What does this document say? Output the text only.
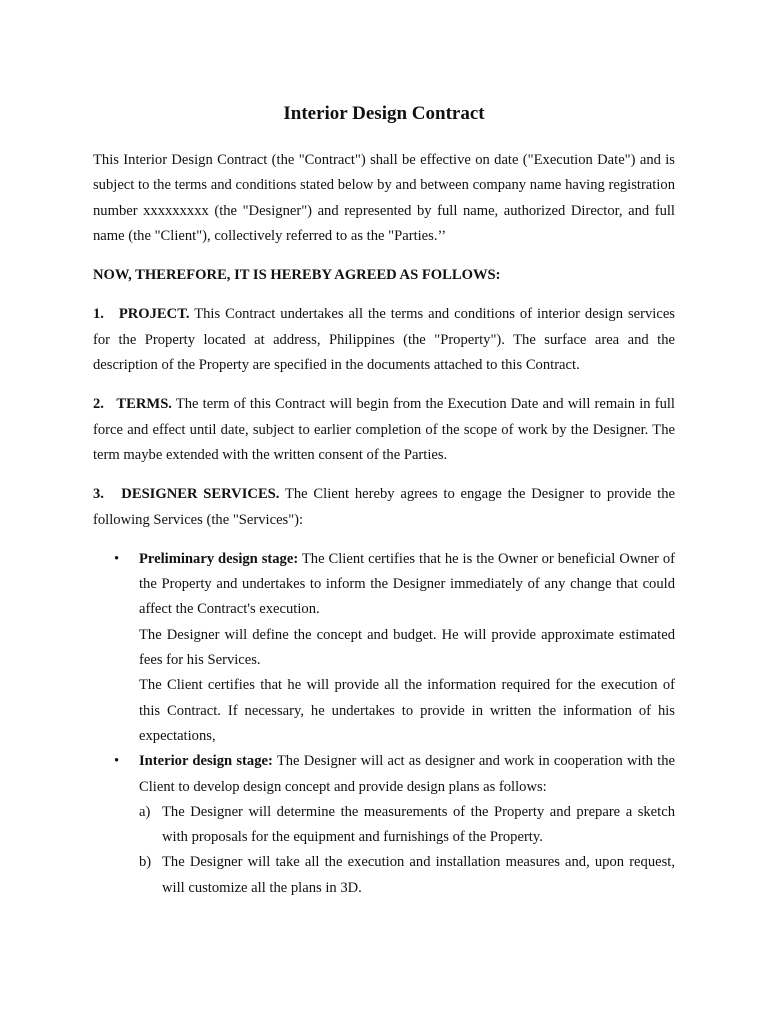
Interior Design Contract

This Interior Design Contract (the "Contract") shall be effective on date ("Execution Date") and is subject to the terms and conditions stated below by and between company name having registration number xxxxxxxxx (the "Designer") and represented by full name, authorized Director, and full name (the "Client"), collectively referred to as the "Parties.’’

NOW, THEREFORE, IT IS HEREBY AGREED AS FOLLOWS:

1. PROJECT. This Contract undertakes all the terms and conditions of interior design services for the Property located at address, Philippines (the "Property"). The surface area and the description of the Property are specified in the documents attached to this Contract.

2. TERMS. The term of this Contract will begin from the Execution Date and will remain in full force and effect until date, subject to earlier completion of the scope of work by the Designer. The term maybe extended with the written consent of the Parties.

3. DESIGNER SERVICES. The Client hereby agrees to engage the Designer to provide the following Services (the "Services"):

• Preliminary design stage: The Client certifies that he is the Owner or beneficial Owner of the Property and undertakes to inform the Designer immediately of any change that could affect the Contract's execution.

The Designer will define the concept and budget. He will provide approximate estimated fees for his Services.

The Client certifies that he will provide all the information required for the execution of this Contract. If necessary, he undertakes to provide in written the information of his expectations,

• Interior design stage: The Designer will act as designer and work in cooperation with the Client to develop design concept and provide design plans as follows:

a) The Designer will determine the measurements of the Property and prepare a sketch with proposals for the equipment and furnishings of the Property.
b) The Designer will take all the execution and installation measures and, upon request, will customize all the plans in 3D.
